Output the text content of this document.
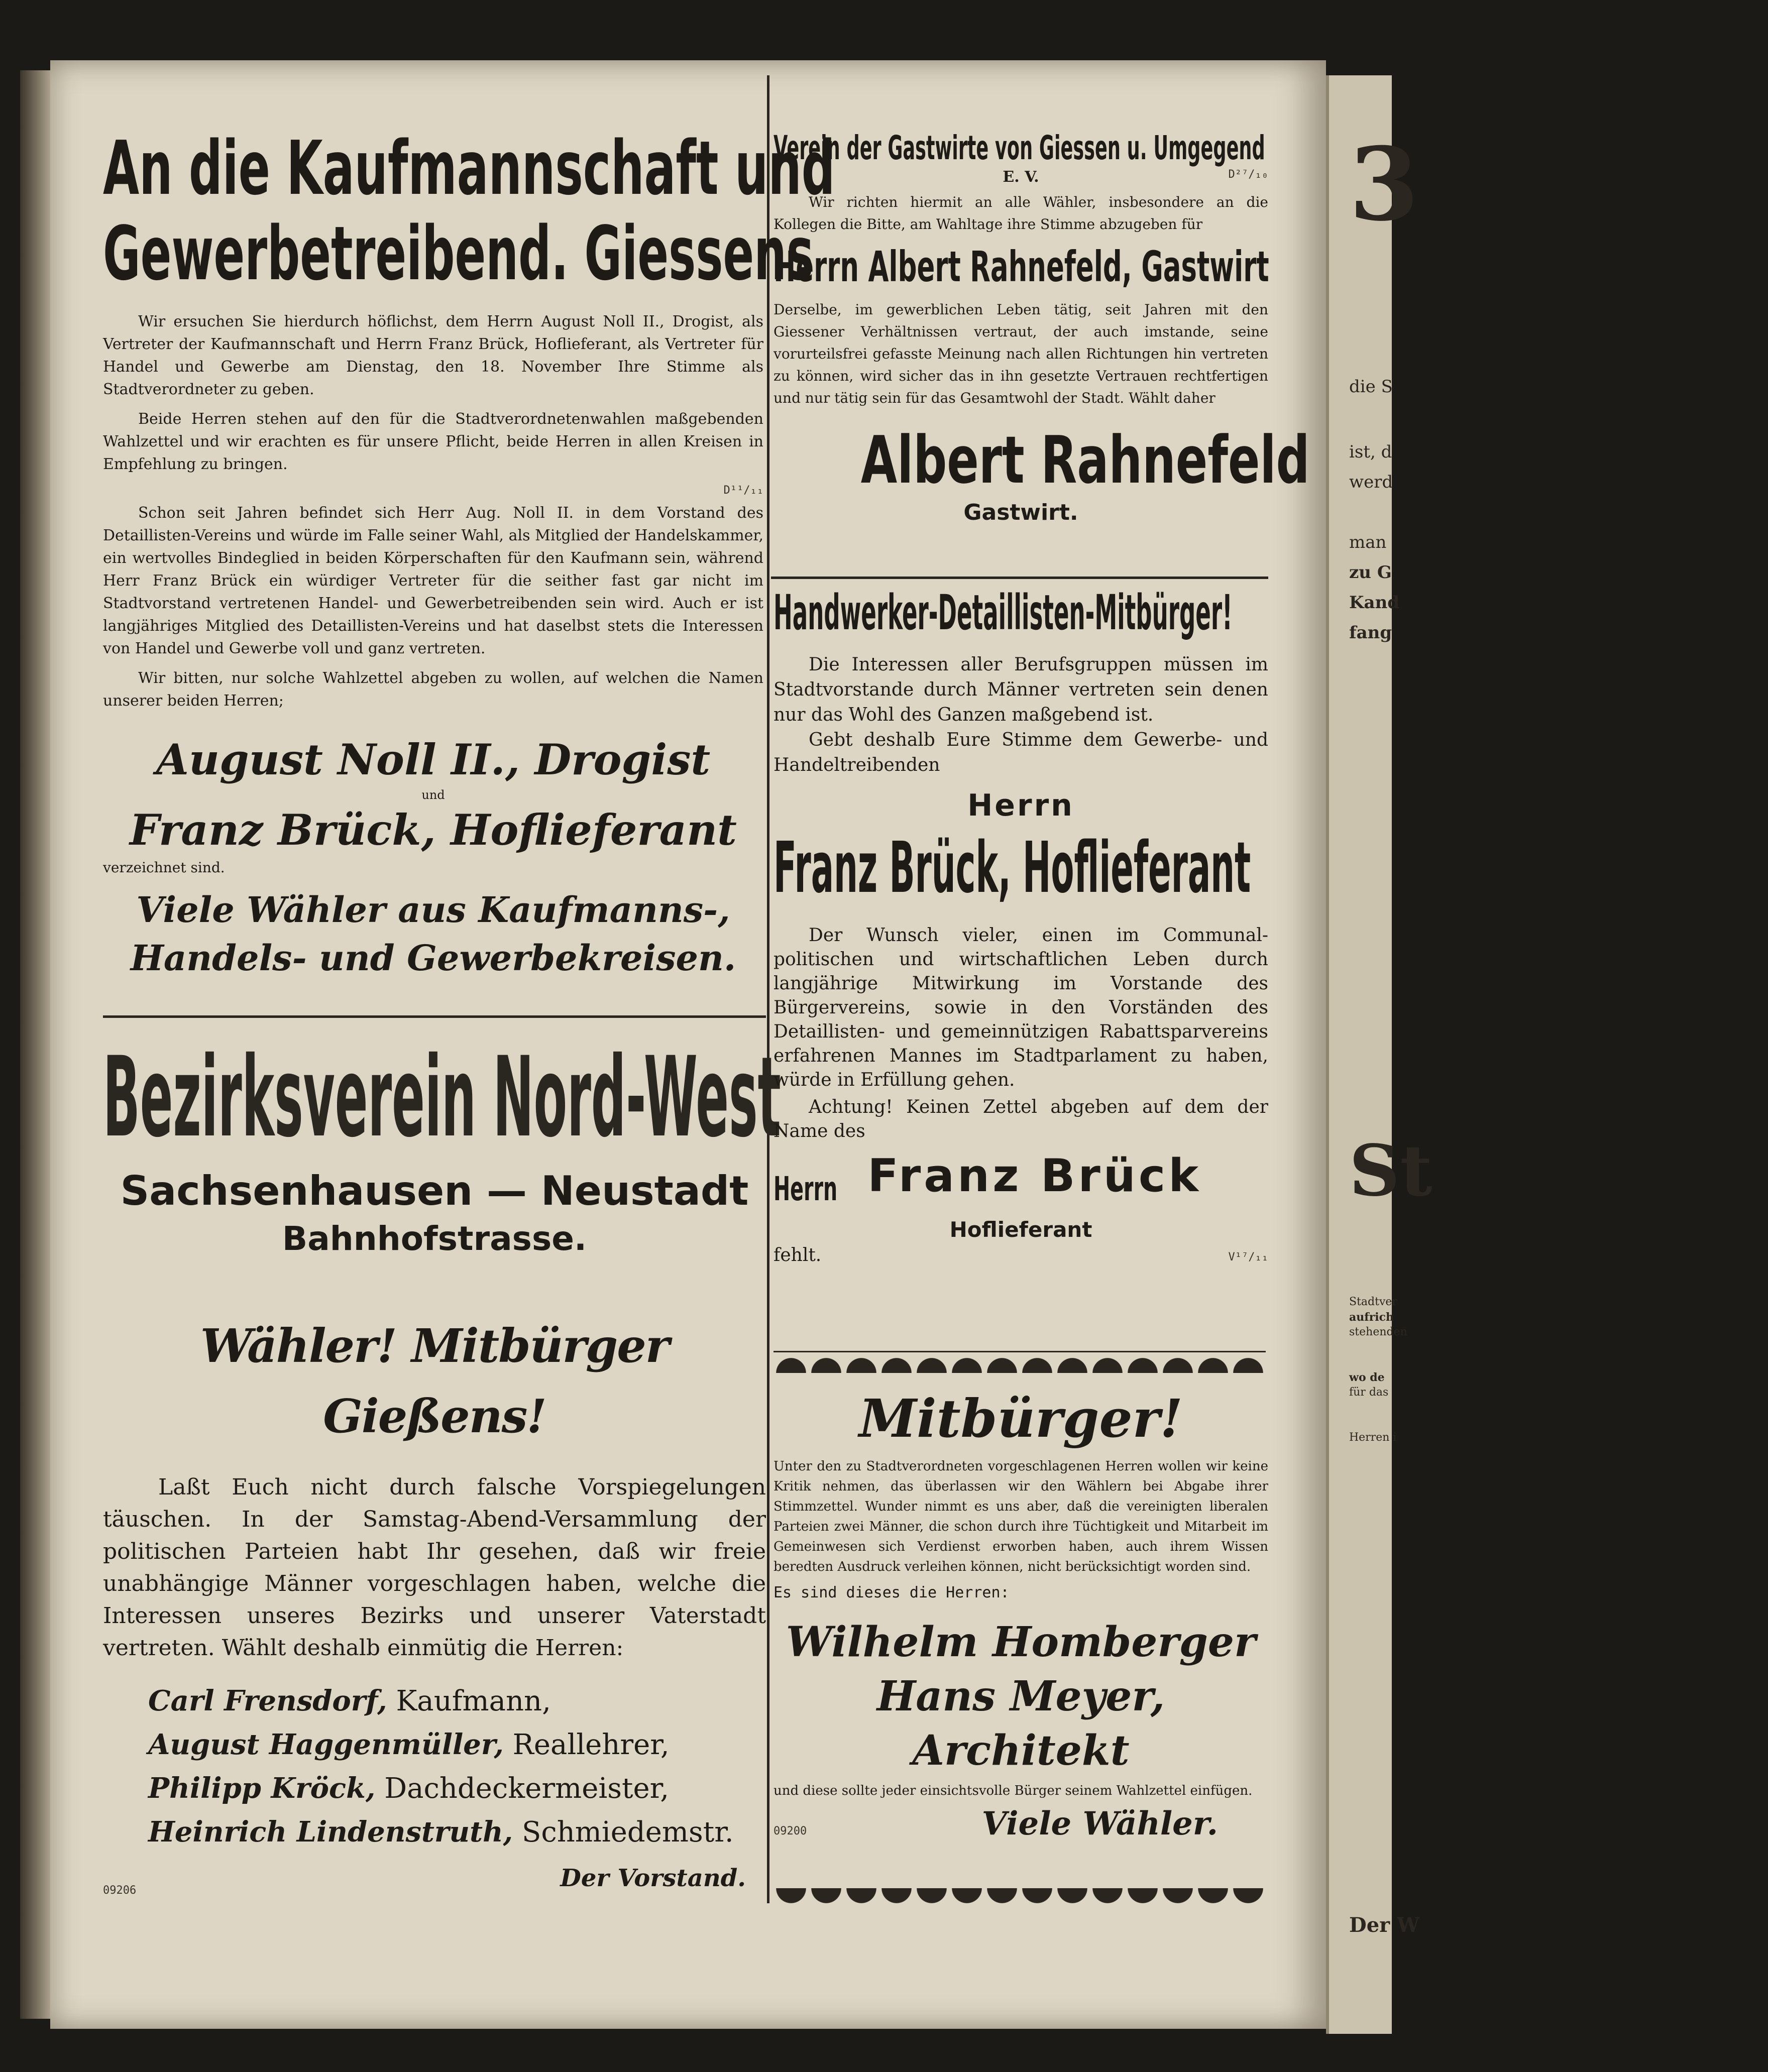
An die Kaufmannschaft und
Gewerbetreibend. Giessens

Wir ersuchen Sie hierdurch höflichst, dem Herrn August Noll II., Drogist, als Vertreter der Kaufmannschaft und Herrn Franz Brück, Hoflieferant, als Vertreter für Handel und Gewerbe am Dienstag, den 18. November Ihre Stimme als Stadtverordneter zu geben.

Beide Herren stehen auf den für die Stadtverordnetenwahlen maßgebenden Wahlzettel und wir erachten es für unsere Pflicht, beide Herren in allen Kreisen in Empfehlung zu bringen.

D¹¹/₁₁

Schon seit Jahren befindet sich Herr Aug. Noll II. in dem Vorstand des Detaillisten-Vereins und würde im Falle seiner Wahl, als Mitglied der Handelskammer, ein wertvolles Bindeglied in beiden Körperschaften für den Kaufmann sein, während Herr Franz Brück ein würdiger Vertreter für die seither fast gar nicht im Stadtvorstand vertretenen Handel- und Gewerbetreibenden sein wird. Auch er ist langjähriges Mitglied des Detaillisten-Vereins und hat daselbst stets die Interessen von Handel und Gewerbe voll und ganz vertreten.

Wir bitten, nur solche Wahlzettel abgeben zu wollen, auf welchen die Namen unserer beiden Herren;

August Noll II., Drogist
und
Franz Brück, Hoflieferant
verzeichnet sind.
Viele Wähler aus Kaufmanns-,
Handels- und Gewerbekreisen.
Bezirksverein Nord-West
Sachsenhausen — Neustadt
Bahnhofstrasse.
Wähler! Mitbürger Gießens!
Laßt Euch nicht durch falsche Vorspiegelungen täuschen. In der Samstag-Abend-Versammlung der politischen Parteien habt Ihr gesehen, daß wir freie unabhängige Männer vorgeschlagen haben, welche die Interessen unseres Bezirks und unserer Vaterstadt vertreten. Wählt deshalb einmütig die Herren:
Carl Frensdorf, Kaufmann,
August Haggenmüller, Reallehrer,
Philipp Kröck, Dachdeckermeister,
Heinrich Lindenstruth, Schmiedemstr.
09206	Der Vorstand.
Verein der Gastwirte von Giessen u. Umgegend
E. V.	D²⁷/₁₀
Wir richten hiermit an alle Wähler, insbesondere an die Kollegen die Bitte, am Wahltage ihre Stimme abzugeben für
Herrn Albert Rahnefeld, Gastwirt
Derselbe, im gewerblichen Leben tätig, seit Jahren mit den Giessener Verhältnissen vertraut, der auch imstande, seine vorurteilsfrei gefasste Meinung nach allen Richtungen hin vertreten zu können, wird sicher das in ihn gesetzte Vertrauen rechtfertigen und nur tätig sein für das Gesamtwohl der Stadt. Wählt daher
Albert Rahnefeld
Gastwirt.
Handwerker-Detaillisten-Mitbürger!
Die Interessen aller Berufsgruppen müssen im Stadtvorstande durch Männer vertreten sein denen nur das Wohl des Ganzen maßgebend ist.
Gebt deshalb Eure Stimme dem Gewerbe- und Handeltreibenden
Herrn
Franz Brück, Hoflieferant
Der Wunsch vieler, einen im Communal-politischen und wirtschaftlichen Leben durch langjährige Mitwirkung im Vorstande des Bürgervereins, sowie in den Vorständen des Detaillisten- und gemeinnützigen Rabattsparvereins erfahrenen Mannes im Stadtparlament zu haben, würde in Erfüllung gehen.
Achtung! Keinen Zettel abgeben auf dem der Name des
Herrn Franz Brück
Hoflieferant
fehlt.	V¹⁷/₁₁
Mitbürger!
Unter den zu Stadtverordneten vorgeschlagenen Herren wollen wir keine Kritik nehmen, das überlassen wir den Wählern bei Abgabe ihrer Stimmzettel. Wunder nimmt es uns aber, daß die vereinigten liberalen Parteien zwei Männer, die schon durch ihre Tüchtigkeit und Mitarbeit im Gemeinwesen sich Verdienst erworben haben, auch ihrem Wissen beredten Ausdruck verleihen können, nicht berücksichtigt worden sind.
Es sind dieses die Herren:
Wilhelm Homberger
Hans Meyer, Architekt
und diese sollte jeder einsichtsvolle Bürger seinem Wahlzettel einfügen.
09200	Viele Wähler.
3
die S
ist, d
werd
man
zu G
Kand
fang
St
Stadtver
aufrich
stehenden
wo de
für das
Herren i
Der W
